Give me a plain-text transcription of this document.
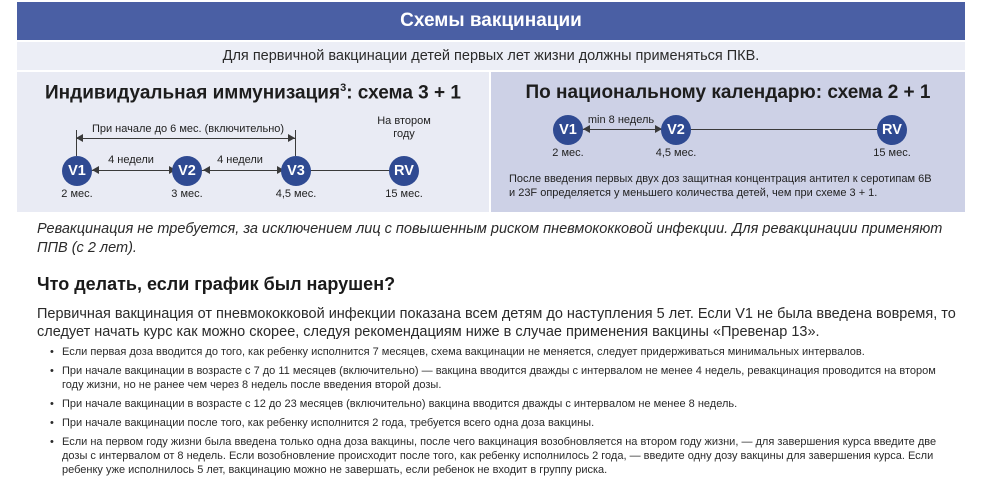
Схемы вакцинации
Для первичной вакцинации детей первых лет жизни должны применяться ПКВ.
Индивидуальная иммунизация$^3$: схема 3 + 1
При начале до 6 мес. (включительно)
На втором году
4 недели	4 недели
V1	V2	V3	RV
2 мес.	3 мес.	4,5 мес.	15 мес.
По национальному календарю: схема 2 + 1
min 8 недель
V1	V2	RV
2 мес.	4,5 мес.	15 мес.
После введения первых двух доз защитная концентрация антител к серотипам 6В и 23F определяется у меньшего количества детей, чем при схеме 3 + 1.
Ревакцинация не требуется, за исключением лиц с повышенным риском пневмококковой инфекции. Для ревакцинации применяют ППВ (с 2 лет).
Что делать, если график был нарушен?
Первичная вакцинация от пневмококковой инфекции показана всем детям до наступления 5 лет. Если V1 не была введена вовремя, то следует начать курс как можно скорее, следуя рекомендациям ниже в случае применения вакцины «Превенар 13».
• Если первая доза вводится до того, как ребенку исполнится 7 месяцев, схема вакцинации не меняется, следует придерживаться минимальных интервалов.
• При начале вакцинации в возрасте с 7 до 11 месяцев (включительно) — вакцина вводится дважды с интервалом не менее 4 недель, ревакцинация проводится на втором году жизни, но не ранее чем через 8 недель после введения второй дозы.
• При начале вакцинации в возрасте с 12 до 23 месяцев (включительно) вакцина вводится дважды с интервалом не менее 8 недель.
• При начале вакцинации после того, как ребенку исполнится 2 года, требуется всего одна доза вакцины.
• Если на первом году жизни была введена только одна доза вакцины, после чего вакцинация возобновляется на втором году жизни, — для завершения курса введите две дозы с интервалом от 8 недель. Если возобновление происходит после того, как ребенку исполнилось 2 года, — введите одну дозу вакцины для завершения курса. Если ребенку уже исполнилось 5 лет, вакцинацию можно не завершать, если ребенок не входит в группу риска.
